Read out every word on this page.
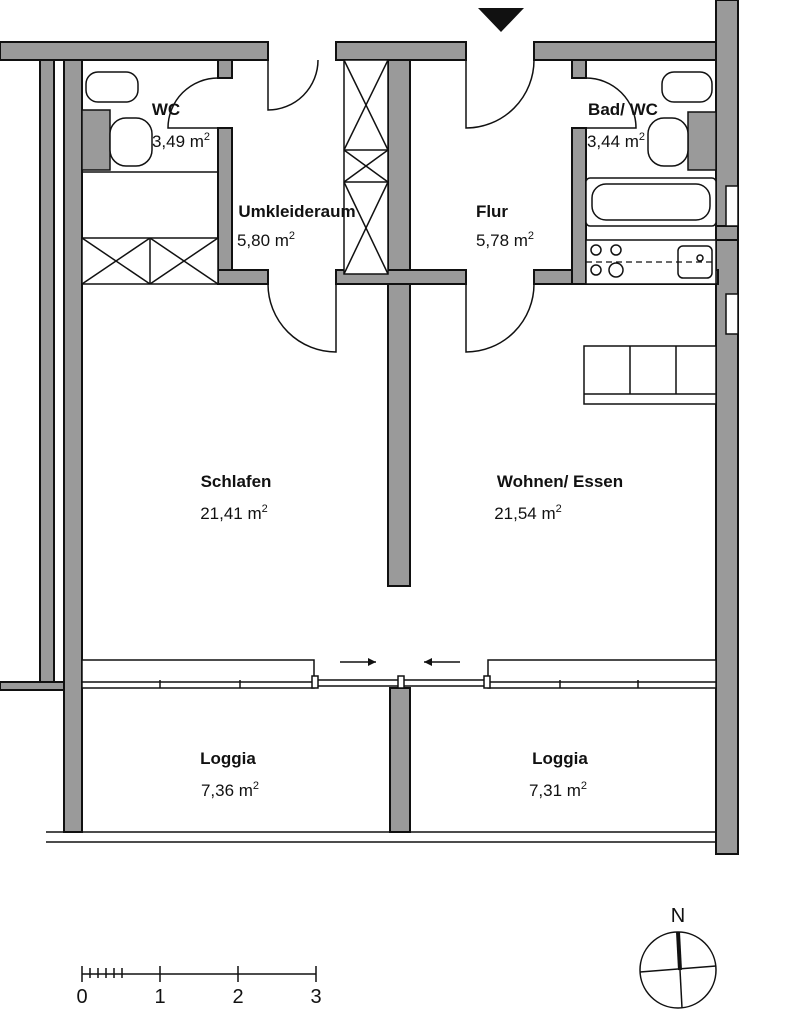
WC
3,49 $m^2$
Umkleideraum
5,80 $m^2$
Flur
5,78 $m^2$
Bad/ WC
3,44 $m^2$
Schlafen
21,41 $m^2$
Wohnen/ Essen
21,54 $m^2$
Loggia
7,36 $m^2$
Loggia
7,31 $m^2$
0	1	2	3
N
